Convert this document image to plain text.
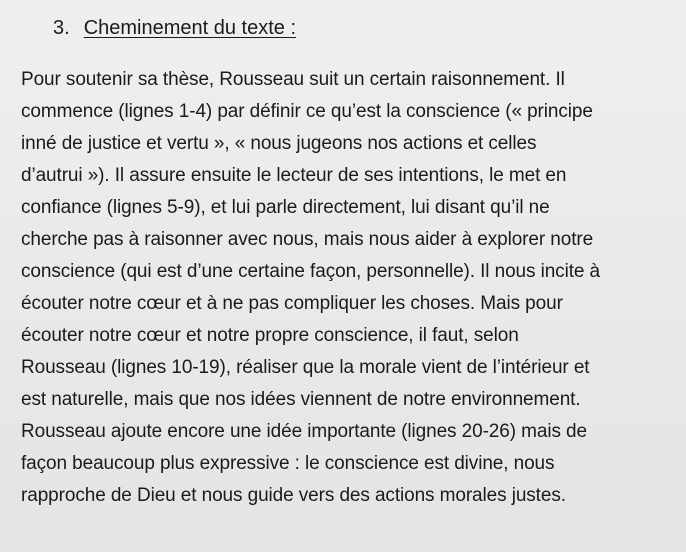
3. Cheminement du texte :
Pour soutenir sa thèse, Rousseau suit un certain raisonnement. Il
commence (lignes 1-4) par définir ce qu’est la conscience (« principe
inné de justice et vertu », « nous jugeons nos actions et celles
d’autrui »). Il assure ensuite le lecteur de ses intentions, le met en
confiance (lignes 5-9), et lui parle directement, lui disant qu’il ne
cherche pas à raisonner avec nous, mais nous aider à explorer notre
conscience (qui est d’une certaine façon, personnelle). Il nous incite à
écouter notre cœur et à ne pas compliquer les choses. Mais pour
écouter notre cœur et notre propre conscience, il faut, selon
Rousseau (lignes 10-19), réaliser que la morale vient de l’intérieur et
est naturelle, mais que nos idées viennent de notre environnement.
Rousseau ajoute encore une idée importante (lignes 20-26) mais de
façon beaucoup plus expressive : le conscience est divine, nous
rapproche de Dieu et nous guide vers des actions morales justes.
